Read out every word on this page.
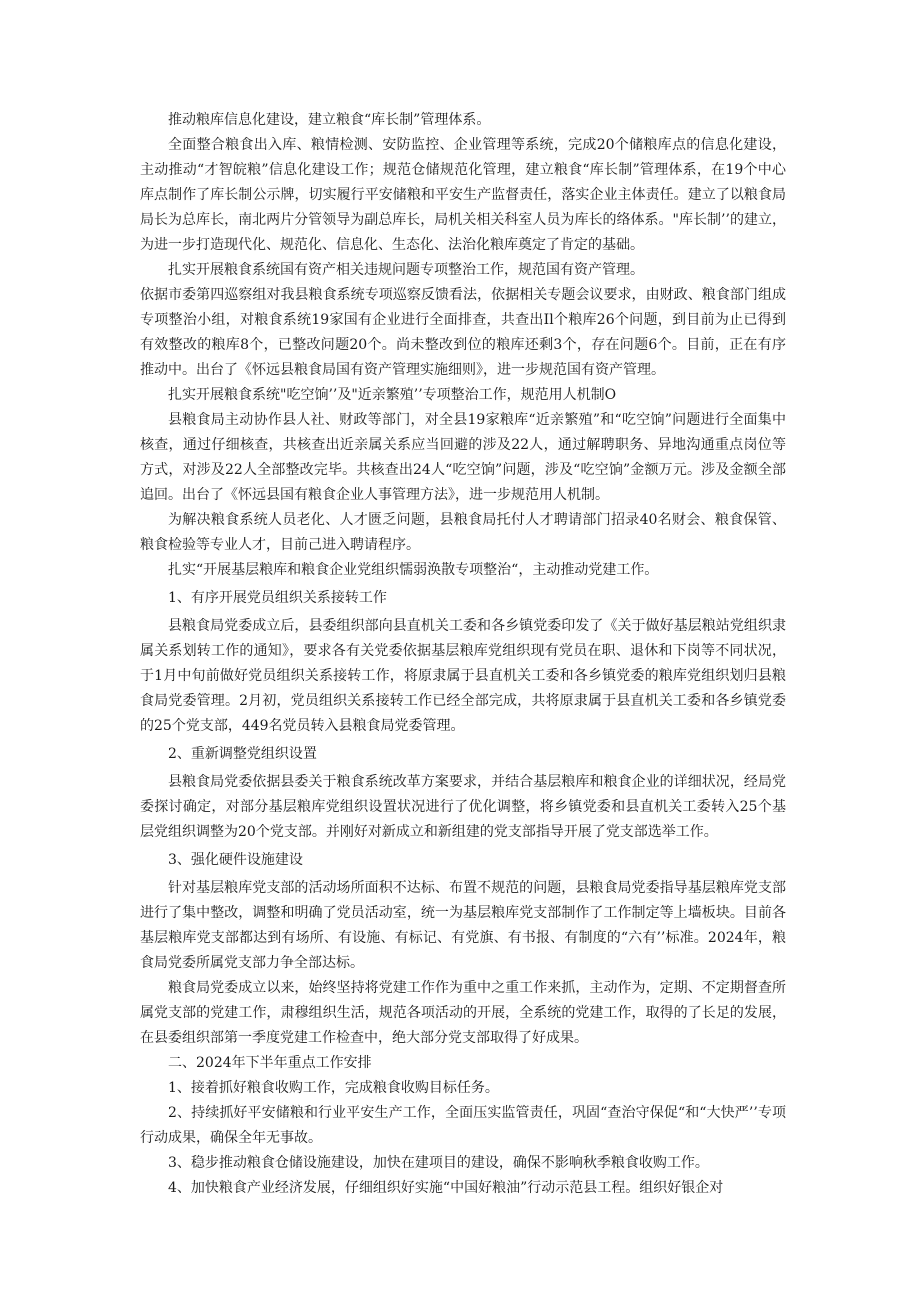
推动粮库信息化建设，建立粮食“库长制”管理体系。

全面整合粮食出入库、粮情检测、安防监控、企业管理等系统，完成20个储粮库点的信息化建设，主动推动“才智皖粮”信息化建设工作；规范仓储规范化管理，建立粮食“库长制”管理体系，在19个中心库点制作了库长制公示牌，切实履行平安储粮和平安生产监督责任，落实企业主体责任。建立了以粮食局局长为总库长，南北两片分管领导为副总库长，局机关相关科室人员为库长的络体系。"库长制’’的建立，为进一步打造现代化、规范化、信息化、生态化、法治化粮库奠定了肯定的基础。

扎实开展粮食系统国有资产相关违规问题专项整治工作，规范国有资产管理。

依据市委第四巡察组对我县粮食系统专项巡察反馈看法，依据相关专题会议要求，由财政、粮食部门组成专项整治小组，对粮食系统19家国有企业进行全面排查，共查出Il个粮库26个问题，到目前为止已得到有效整改的粮库8个，已整改问题20个。尚未整改到位的粮库还剩3个，存在问题6个。目前，正在有序推动中。出台了《怀远县粮食局国有资产管理实施细则》，进一步规范国有资产管理。

扎实开展粮食系统"吃空饷’’及"近亲繁殖’’专项整治工作，规范用人机制O

县粮食局主动协作县人社、财政等部门，对全县19家粮库“近亲繁殖”和“吃空饷”问题进行全面集中核查，通过仔细核查，共核查出近亲属关系应当回避的涉及22人，通过解聘职务、异地沟通重点岗位等方式，对涉及22人全部整改完毕。共核查出24人“吃空饷”问题，涉及“吃空饷”金额万元。涉及金额全部追回。出台了《怀远县国有粮食企业人事管理方法》，进一步规范用人机制。

为解决粮食系统人员老化、人才匮乏问题，县粮食局托付人才聘请部门招录40名财会、粮食保管、粮食检验等专业人才，目前己进入聘请程序。

扎实“开展基层粮库和粮食企业党组织懦弱涣散专项整治“，主动推动党建工作。

1、有序开展党员组织关系接转工作

县粮食局党委成立后，县委组织部向县直机关工委和各乡镇党委印发了《关于做好基层粮站党组织隶属关系划转工作的通知》，要求各有关党委依据基层粮库党组织现有党员在职、退休和下岗等不同状况，于1月中旬前做好党员组织关系接转工作，将原隶属于县直机关工委和各乡镇党委的粮库党组织划归县粮食局党委管理。2月初，党员组织关系接转工作已经全部完成，共将原隶属于县直机关工委和各乡镇党委的25个党支部，449名党员转入县粮食局党委管理。

2、重新调整党组织设置

县粮食局党委依据县委关于粮食系统改革方案要求，并结合基层粮库和粮食企业的详细状况，经局党委探讨确定，对部分基层粮库党组织设置状况进行了优化调整，将乡镇党委和县直机关工委转入25个基层党组织调整为20个党支部。并刚好对新成立和新组建的党支部指导开展了党支部选举工作。

3、强化硬件设施建设

针对基层粮库党支部的活动场所面积不达标、布置不规范的问题，县粮食局党委指导基层粮库党支部进行了集中整改，调整和明确了党员活动室，统一为基层粮库党支部制作了工作制定等上墙板块。目前各基层粮库党支部都达到有场所、有设施、有标记、有党旗、有书报、有制度的“六有’’标准。2024年，粮食局党委所属党支部力争全部达标。

粮食局党委成立以来，始终坚持将党建工作作为重中之重工作来抓，主动作为，定期、不定期督查所属党支部的党建工作，肃穆组织生活，规范各项活动的开展，全系统的党建工作，取得的了长足的发展，在县委组织部第一季度党建工作检查中，绝大部分党支部取得了好成果。

二、2024年下半年重点工作安排

1、接着抓好粮食收购工作，完成粮食收购目标任务。

2、持续抓好平安储粮和行业平安生产工作，全面压实监管责任，巩固“查治守保促“和“大快严’’专项行动成果，确保全年无事故。

3、稳步推动粮食仓储设施建设，加快在建项目的建设，确保不影响秋季粮食收购工作。

4、加快粮食产业经济发展，仔细组织好实施“中国好粮油”行动示范县工程。组织好银企对
